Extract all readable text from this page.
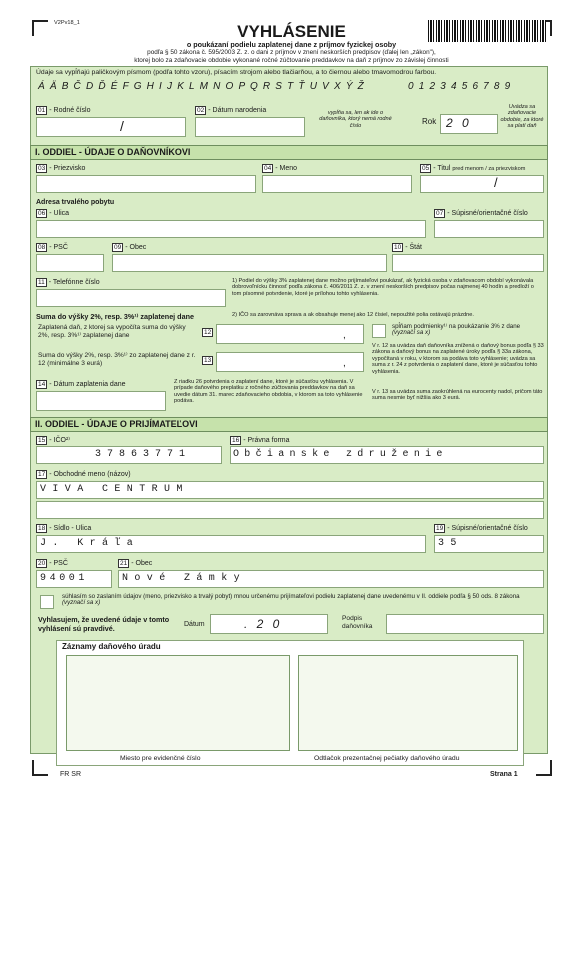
V2Pv18_1	VYHLÁSENIE
o poukázaní podielu zaplatenej dane z príjmov fyzickej osoby
podľa § 50 zákona č. 595/2003 Z. z. o dani z príjmov v znení neskorších predpisov (ďalej len „zákon"),
ktorej bolo za zdaňovacie obdobie vykonané ročné zúčtovanie preddavkov na daň z príjmov zo závislej činnosti
Údaje sa vypĺňajú paličkovým písmom (podľa tohto vzoru), písacím strojom alebo tlačiarňou, a to čiernou alebo tmavomodrou farbou.
Á Ä B Č D Ď É F G H I J K L M N O P Q R S T Ť U V X Ý Ž	0 1 2 3 4 5 6 7 8 9
01 - Rodné číslo
/
02 - Dátum narodenia	vypĺňa sa, len ak ide o daňovníka, ktorý nemá rodné číslo	Rok 2 0
Uvádza sa zdaňovacie obdobie, za ktoré sa platí daň
I. ODDIEL - ÚDAJE O DAŇOVNÍKOVI
03 - Priezvisko	04 - Meno	05 - Titul pred menom / za priezviskom
/
Adresa trvalého pobytu
06 - Ulica	07 - Súpisné/orientačné číslo
08 - PSČ	09 - Obec	10 - Štát
11 - Telefónne číslo	1) Podiel do výšky 3% zaplatenej dane možno prijímateľovi poukázať, ak fyzická osoba v zdaňovacom období vykonávala dobrovoľnícku činnosť podľa zákona č. 406/2011 Z. z. v znení neskorších predpisov počas najmenej 40 hodín a predloží o tom písomné potvrdenie, ktoré je prílohou tohto vyhlásenia.
2) IČO sa zarovnáva sprava a ak obsahuje menej ako 12 čísiel, nepoužité polia ostávajú prázdne.
Suma do výšky 2%, resp. 3%¹⁾ zaplatenej dane
Zaplatená daň, z ktorej sa vypočíta suma do výšky 2%, resp. 3%¹⁾ zaplatenej dane	12	,
Suma do výšky 2%, resp. 3%¹⁾ zo zaplatenej dane z r. 12 (minimálne 3 eurá)	13	,
spĺňam podmienky¹⁾ na poukázanie 3% z dane (vyznačí sa x)
V r. 12 sa uvádza daň daňovníka znížená o daňový bonus podľa § 33 zákona a daňový bonus na zaplatené úroky podľa § 33a zákona, vypočítaná v roku, v ktorom sa podáva toto vyhlásenie; uvádza sa suma z r. 24 z potvrdenia o zaplatení dane, ktoré je súčasťou tohto vyhlásenia.
V r. 13 sa uvádza suma zaokrúhlená na eurocenty nadol, pričom táto suma nesmie byť nižšia ako 3 eurá.
14 - Dátum zaplatenia dane	Z riadku 26 potvrdenia o zaplatení dane, ktoré je súčasťou vyhlásenia. V prípade daňového preplatku z ročného zúčtovania preddavkov na daň sa uvedie dátum 31. marec zdaňovacieho obdobia, v ktorom sa toto vyhlásenie podáva.
II. ODDIEL - ÚDAJE O PRIJÍMATEĽOVI
15 - IČO²⁾
37863771
16 - Právna forma
Občianske združenie
17 - Obchodné meno (názov)
VIVA CENTRUM
18 - Sídlo - Ulica
J. Kráľa
19 - Súpisné/orientačné číslo
35
20 - PSČ
94001
21 - Obec
Nové Zámky
súhlasím so zaslaním údajov (meno, priezvisko a trvalý pobyt) mnou určenému prijímateľovi podielu zaplatenej dane uvedenému v II. oddiele podľa § 50 ods. 8 zákona (vyznačí sa x)
Vyhlasujem, že uvedené údaje v tomto vyhlásení sú pravdivé.	Dátum	. 2 0	Podpis daňovníka
Záznamy daňového úradu
Miesto pre evidenčné číslo	Odtlačok prezentačnej pečiatky daňového úradu
FR SR	Strana 1
